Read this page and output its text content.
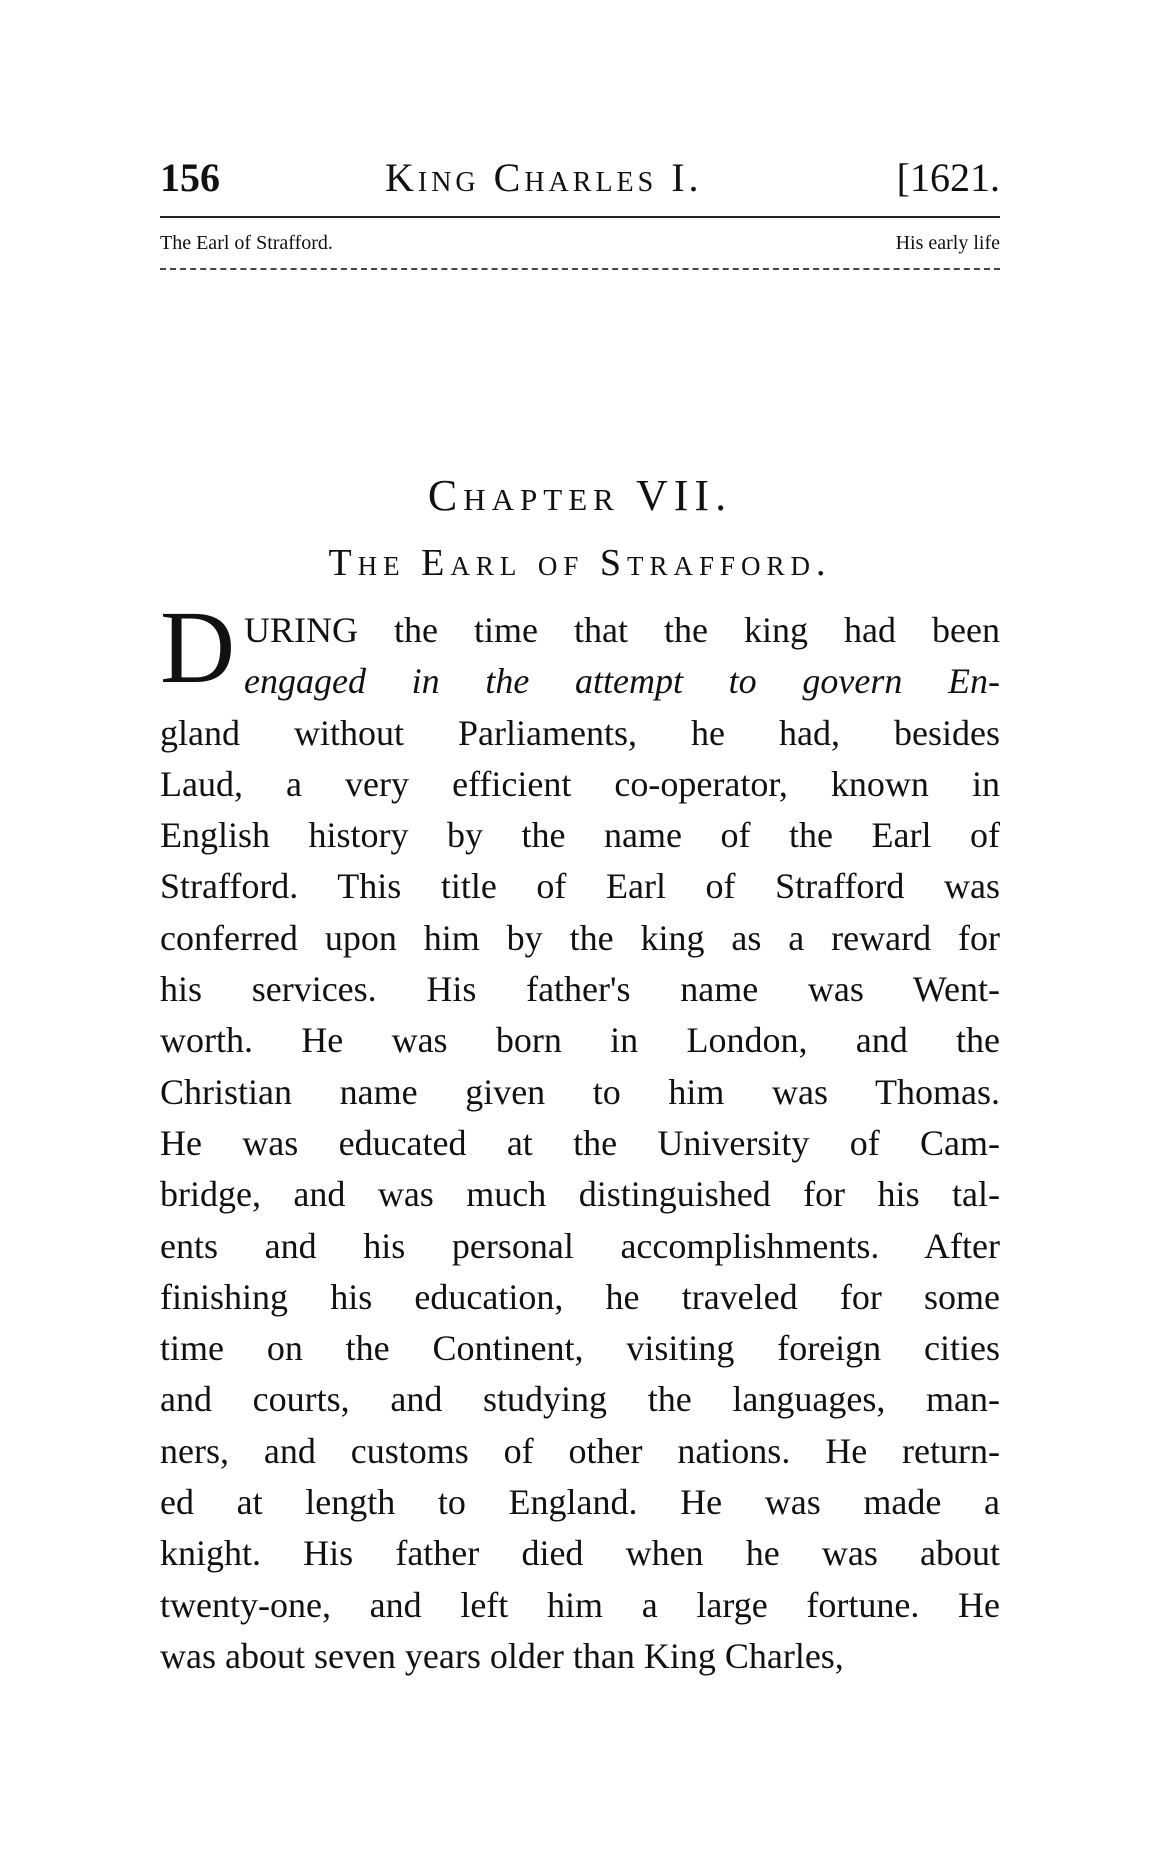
156	King Charles I.	[1621.
The Earl of Strafford.	His early life
Chapter VII.
The Earl of Strafford.
D URING the time that the king had been
engaged in the attempt to govern En-
gland without Parliaments, he had, besides
Laud, a very efficient co-operator, known in
English history by the name of the Earl of
Strafford. This title of Earl of Strafford was
conferred upon him by the king as a reward for
his services. His father's name was Went-
worth. He was born in London, and the
Christian name given to him was Thomas.
He was educated at the University of Cam-
bridge, and was much distinguished for his tal-
ents and his personal accomplishments. After
finishing his education, he traveled for some
time on the Continent, visiting foreign cities
and courts, and studying the languages, man-
ners, and customs of other nations. He return-
ed at length to England. He was made a
knight. His father died when he was about
twenty-one, and left him a large fortune. He
was about seven years older than King Charles,
